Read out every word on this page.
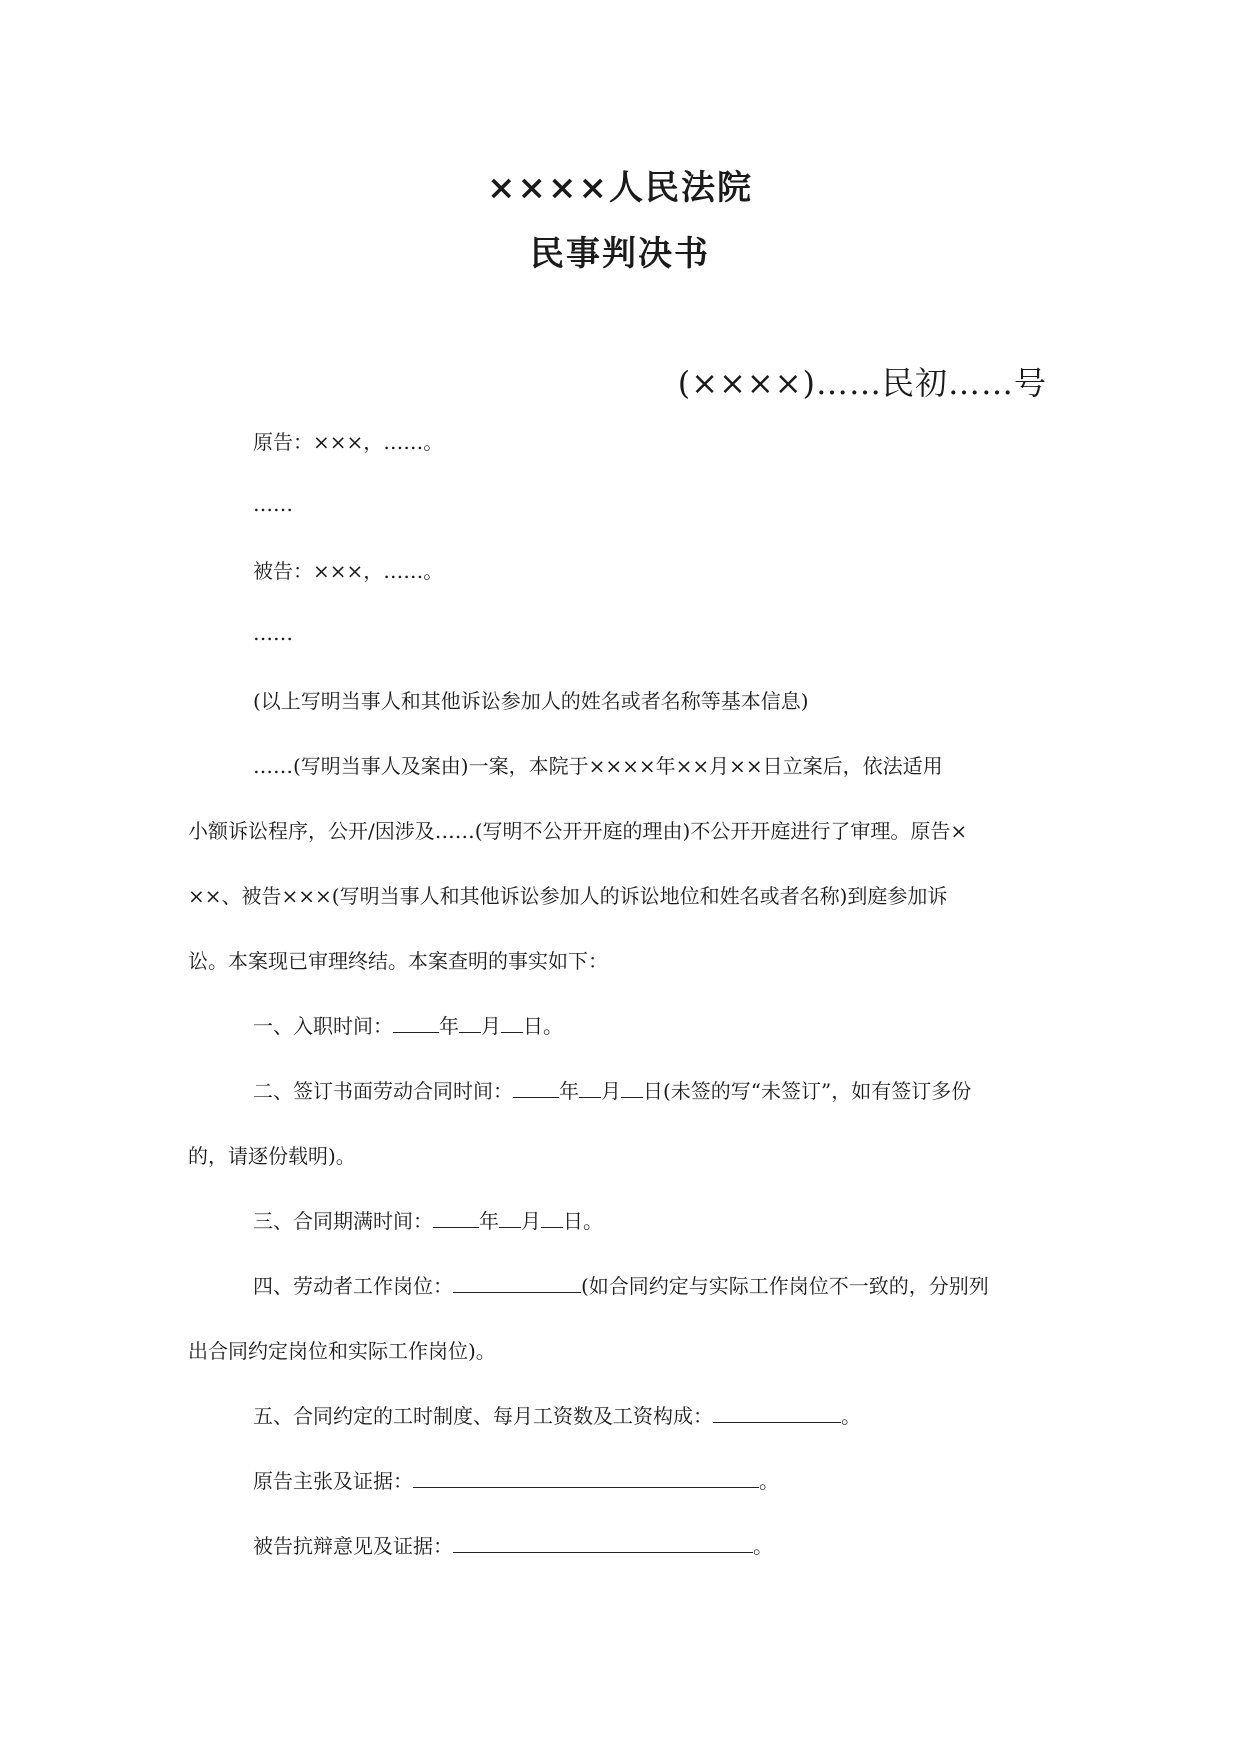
××××人民法院
民事判决书
(××××)……民初……号
原告：×××，……。
……
被告：×××，……。
……
(以上写明当事人和其他诉讼参加人的姓名或者名称等基本信息)
……(写明当事人及案由)一案，本院于××××年××月××日立案后，依法适用
小额诉讼程序，公开/因涉及……(写明不公开开庭的理由)不公开开庭进行了审理。原告×
××、被告×××(写明当事人和其他诉讼参加人的诉讼地位和姓名或者名称)到庭参加诉
讼。本案现已审理终结。本案查明的事实如下：
一、入职时间： 年 月 日。
二、签订书面劳动合同时间： 年 月 日(未签的写“未签订”，如有签订多份
的，请逐份载明)。
三、合同期满时间： 年 月 日。
四、劳动者工作岗位：	(如合同约定与实际工作岗位不一致的，分别列
出合同约定岗位和实际工作岗位)。
五、合同约定的工时制度、每月工资数及工资构成：	。
原告主张及证据：	。
被告抗辩意见及证据：	。
